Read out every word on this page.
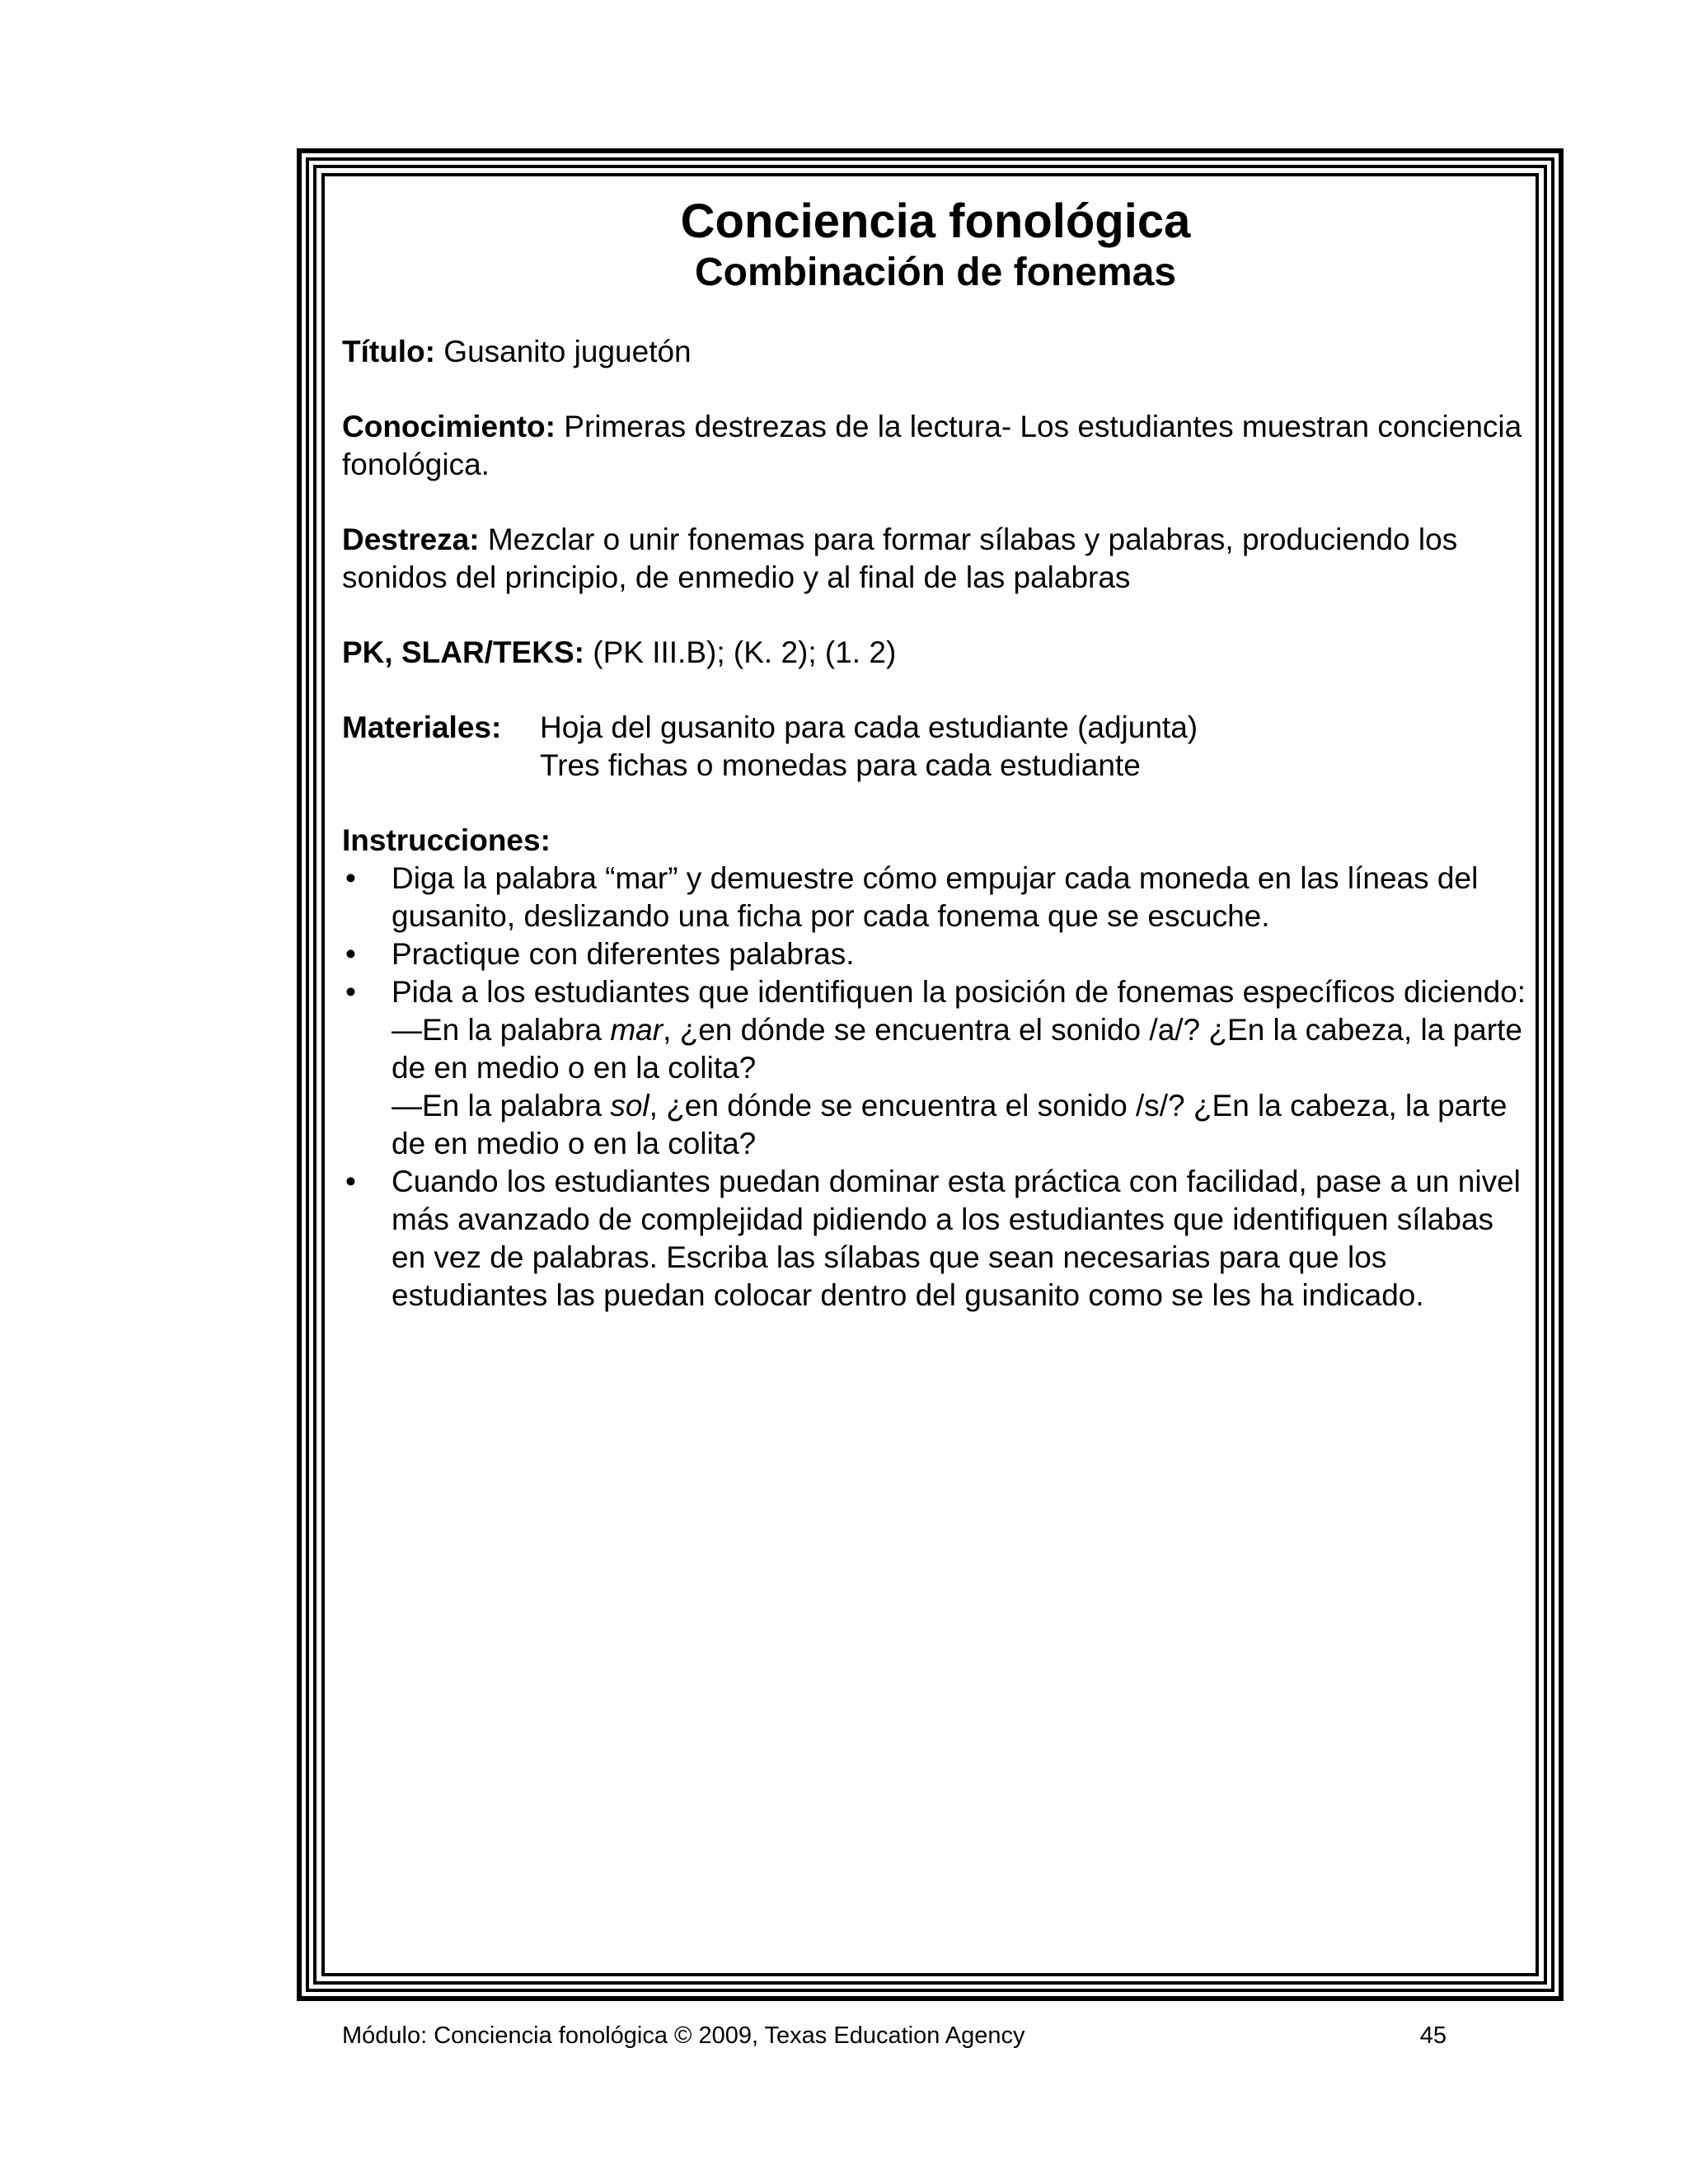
Conciencia fonológica
Combinación de fonemas

Título: Gusanito juguetón

Conocimiento: Primeras destrezas de la lectura- Los estudiantes muestran conciencia fonológica.

Destreza: Mezclar o unir fonemas para formar sílabas y palabras, produciendo los sonidos del principio, de enmedio y al final de las palabras

PK, SLAR/TEKS: (PK III.B); (K. 2); (1. 2)

Materiales:	Hoja del gusanito para cada estudiante (adjunta)
Tres fichas o monedas para cada estudiante

Instrucciones:

• Diga la palabra “mar” y demuestre cómo empujar cada moneda en las líneas del gusanito, deslizando una ficha por cada fonema que se escuche.
• Practique con diferentes palabras.
• Pida a los estudiantes que identifiquen la posición de fonemas específicos diciendo: —En la palabra mar, ¿en dónde se encuentra el sonido /a/? ¿En la cabeza, la parte de en medio o en la colita?
—En la palabra sol, ¿en dónde se encuentra el sonido /s/? ¿En la cabeza, la parte de en medio o en la colita?
• Cuando los estudiantes puedan dominar esta práctica con facilidad, pase a un nivel más avanzado de complejidad pidiendo a los estudiantes que identifiquen sílabas en vez de palabras. Escriba las sílabas que sean necesarias para que los estudiantes las puedan colocar dentro del gusanito como se les ha indicado.
Módulo: Conciencia fonológica © 2009, Texas Education Agency	45
